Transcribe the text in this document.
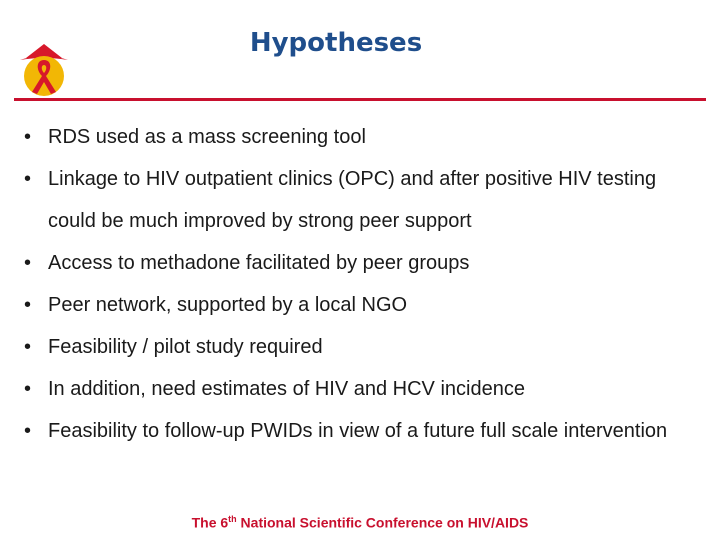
Hypotheses
• RDS used as a mass screening tool
• Linkage to HIV outpatient clinics (OPC) and after positive HIV testing could be much improved by strong peer support
• Access to methadone facilitated by peer groups
• Peer network, supported by a local NGO
• Feasibility / pilot study required
• In addition, need estimates of HIV and HCV incidence
• Feasibility to follow-up PWIDs in view of a future full scale intervention
The 6th National Scientific Conference on HIV/AIDS
